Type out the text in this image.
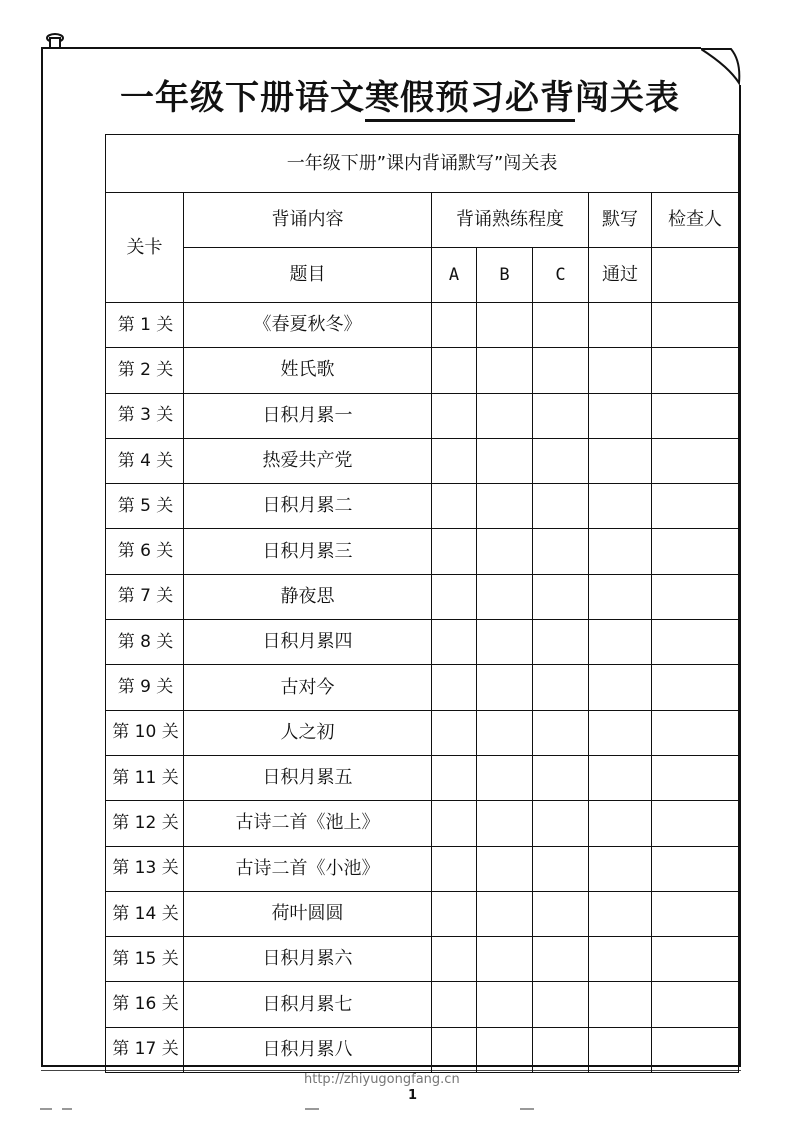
一年级下册语文寒假预习必背闯关表
一年级下册”课内背诵默写”闯关表						
关卡	背诵内容	背诵熟练程度			默写	检查人
	题目	A	B	C	通过	
第 1 关	《春夏秋冬》					
第 2 关	姓氏歌					
第 3 关	日积月累一					
第 4 关	热爱共产党					
第 5 关	日积月累二					
第 6 关	日积月累三					
第 7 关	静夜思					
第 8 关	日积月累四					
第 9 关	古对今					
第 10 关	人之初					
第 11 关	日积月累五					
第 12 关	古诗二首《池上》					
第 13 关	古诗二首《小池》					
第 14 关	荷叶圆圆					
第 15 关	日积月累六					
第 16 关	日积月累七					
第 17 关	日积月累八					
http://zhiyugongfang.cn
1
